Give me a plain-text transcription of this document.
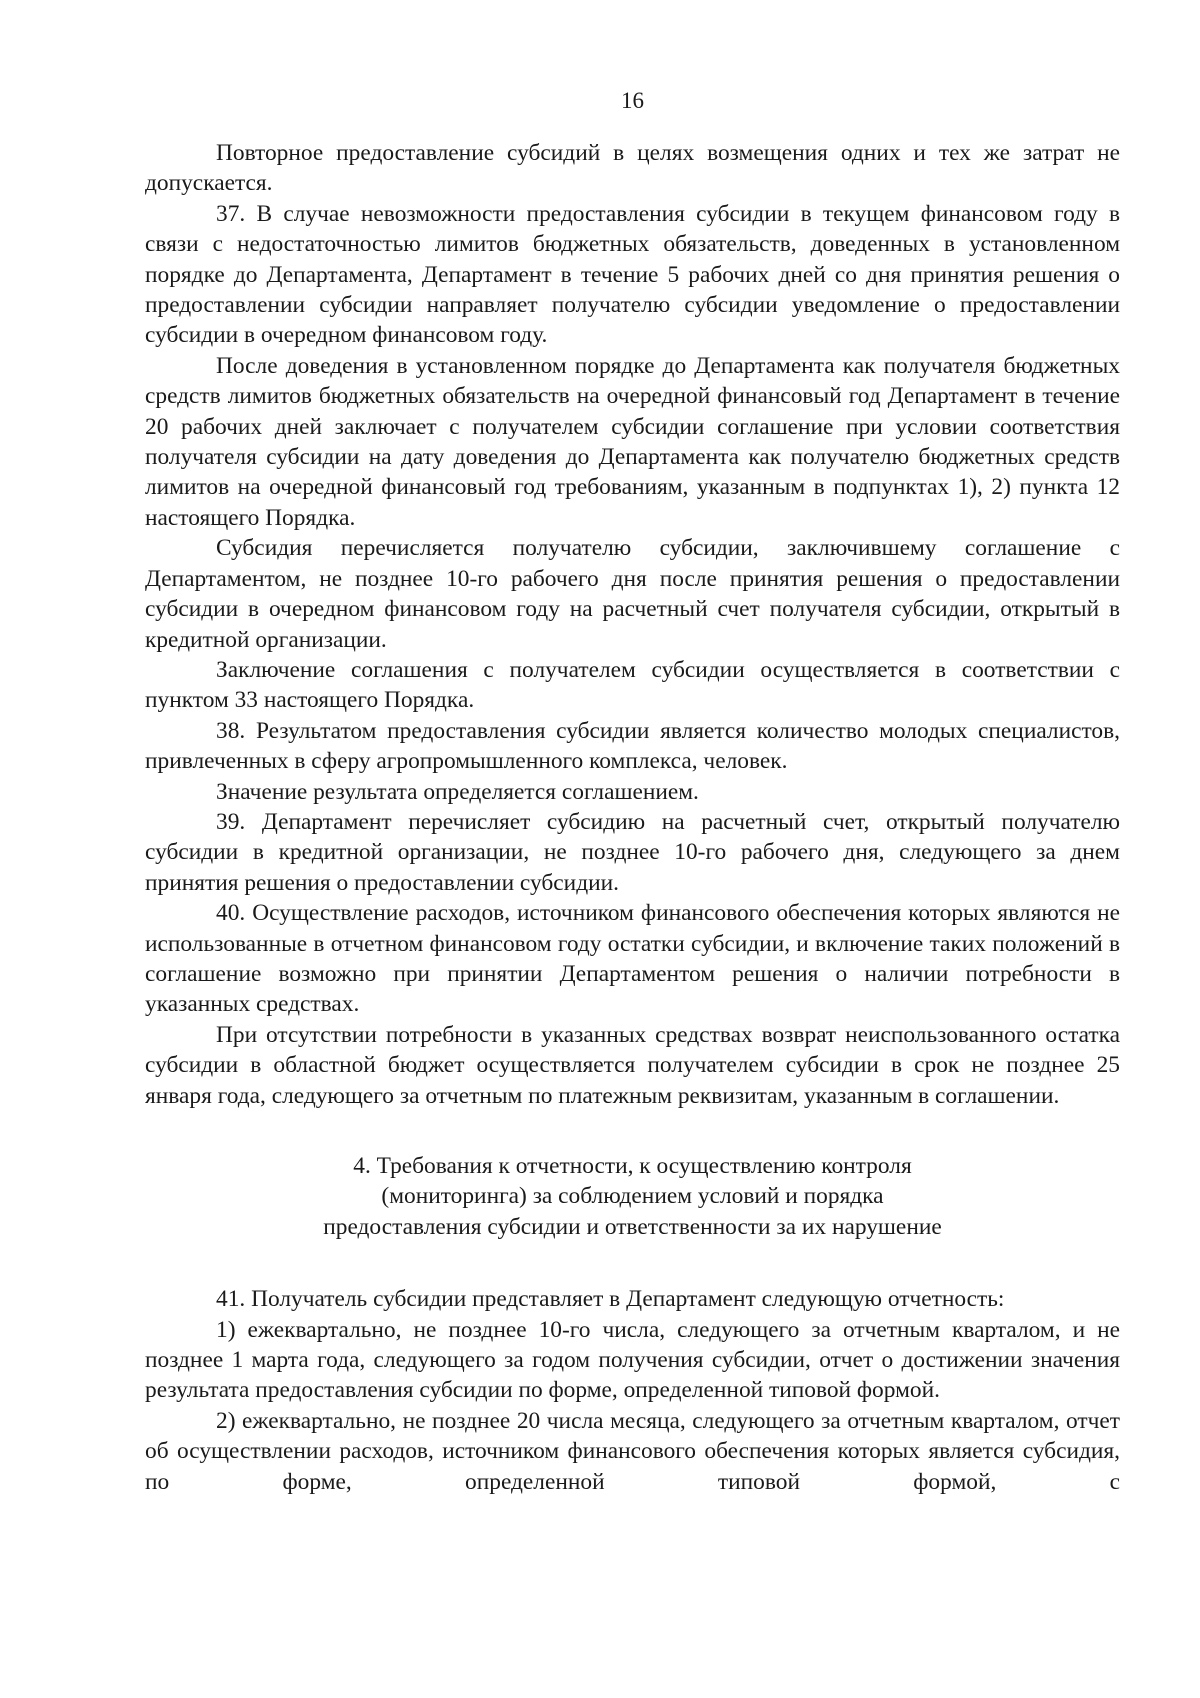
16

Повторное предоставление субсидий в целях возмещения одних и тех же затрат не допускается.

37. В случае невозможности предоставления субсидии в текущем финансовом году в связи с недостаточностью лимитов бюджетных обязательств, доведенных в установленном порядке до Департамента, Департамент в течение 5 рабочих дней со дня принятия решения о предоставлении субсидии направляет получателю субсидии уведомление о предоставлении субсидии в очередном финансовом году.

После доведения в установленном порядке до Департамента как получателя бюджетных средств лимитов бюджетных обязательств на очередной финансовый год Департамент в течение 20 рабочих дней заключает с получателем субсидии соглашение при условии соответствия получателя субсидии на дату доведения до Департамента как получателю бюджетных средств лимитов на очередной финансовый год требованиям, указанным в подпунктах 1), 2) пункта 12 настоящего Порядка.

Субсидия перечисляется получателю субсидии, заключившему соглашение с Департаментом, не позднее 10-го рабочего дня после принятия решения о предоставлении субсидии в очередном финансовом году на расчетный счет получателя субсидии, открытый в кредитной организации.

Заключение соглашения с получателем субсидии осуществляется в соответствии с пунктом 33 настоящего Порядка.

38. Результатом предоставления субсидии является количество молодых специалистов, привлеченных в сферу агропромышленного комплекса, человек.

Значение результата определяется соглашением.

39. Департамент перечисляет субсидию на расчетный счет, открытый получателю субсидии в кредитной организации, не позднее 10-го рабочего дня, следующего за днем принятия решения о предоставлении субсидии.

40. Осуществление расходов, источником финансового обеспечения которых являются не использованные в отчетном финансовом году остатки субсидии, и включение таких положений в соглашение возможно при принятии Департаментом решения о наличии потребности в указанных средствах.

При отсутствии потребности в указанных средствах возврат неиспользованного остатка субсидии в областной бюджет осуществляется получателем субсидии в срок не позднее 25 января года, следующего за отчетным по платежным реквизитам, указанным в соглашении.

4. Требования к отчетности, к осуществлению контроля
(мониторинга) за соблюдением условий и порядка
предоставления субсидии и ответственности за их нарушение

41. Получатель субсидии представляет в Департамент следующую отчетность:

1) ежеквартально, не позднее 10-го числа, следующего за отчетным кварталом, и не позднее 1 марта года, следующего за годом получения субсидии, отчет о достижении значения результата предоставления субсидии по форме, определенной типовой формой.

2) ежеквартально, не позднее 20 числа месяца, следующего за отчетным кварталом, отчет об осуществлении расходов, источником финансового обеспечения которых является субсидия, по форме, определенной типовой формой, с
